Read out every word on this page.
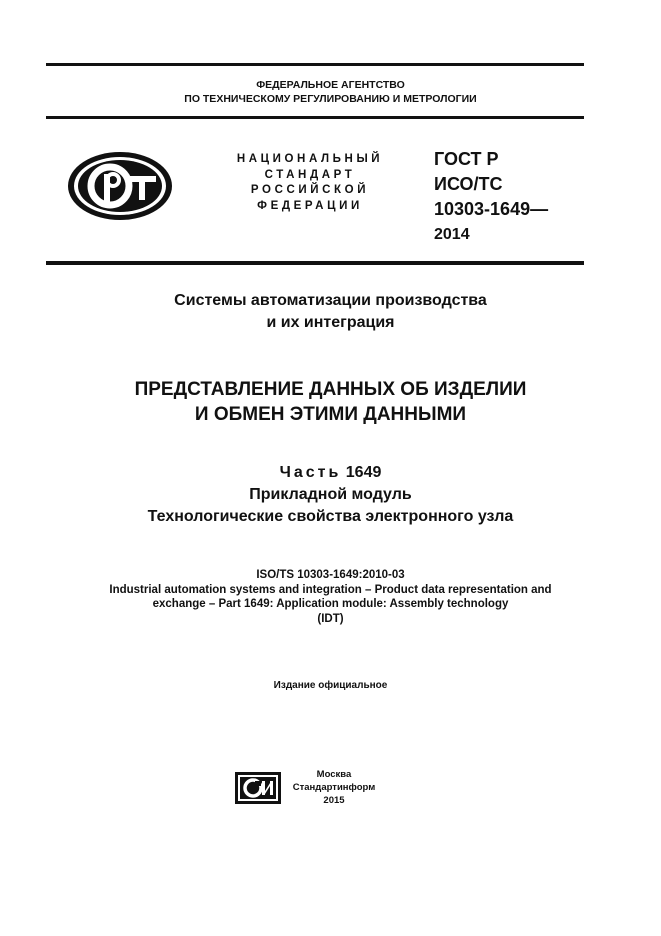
ФЕДЕРАЛЬНОЕ АГЕНТСТВО
ПО ТЕХНИЧЕСКОМУ РЕГУЛИРОВАНИЮ И МЕТРОЛОГИИ
РСТ
НАЦИОНАЛЬНЫЙ
СТАНДАРТ
РОССИЙСКОЙ
ФЕДЕРАЦИИ
ГОСТ Р
ИСО/ТС
10303-1649—
2014
Системы автоматизации производства
и их интеграция
ПРЕДСТАВЛЕНИЕ ДАННЫХ ОБ ИЗДЕЛИИ
И ОБМЕН ЭТИМИ ДАННЫМИ
Часть 1649
Прикладной модуль
Технологические свойства электронного узла
ISO/TS 10303-1649:2010-03
Industrial automation systems and integration – Product data representation and
exchange – Part 1649: Application module: Assembly technology
(IDT)
Издание официальное
Москва
Стандартинформ
2015
